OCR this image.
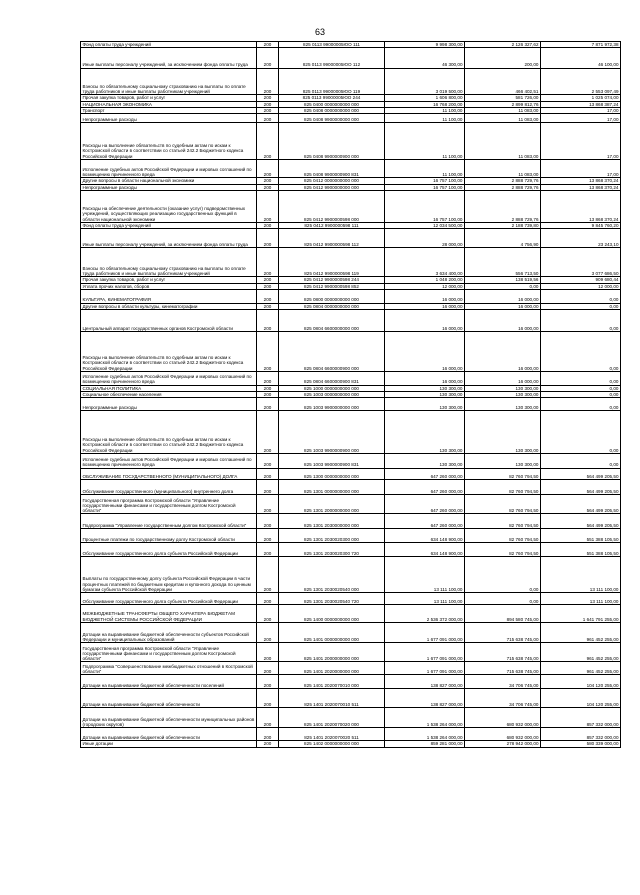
63
Фонд оплаты труда учреждений	200	825 0113 99000005ЮО 111	9 998 300,00	2 126 327,62	7 871 972,38
Иные выплаты персоналу учреждений, за исключением фонда оплаты труда	200	825 0113 99000005ЮО 112	46 300,00	200,00	46 100,00
Взносы по обязательному социальному страхованию на выплаты по оплате труда работников и иные выплаты работникам учреждений	200	825 0113 99000005ЮО 119	3 019 500,00	466 402,51	2 553 097,49
Прочая закупка товаров, работ и услуг	200	825 0113 99000005ЮО 244	1 606 800,00	581 726,00	1 025 074,00
НАЦИОНАЛЬНАЯ ЭКОНОМИКА	200	825 0400 0000000000 000	16 768 200,00	2 899 812,76	13 868 387,24
Транспорт	200	825 0408 0000000000 000	11 100,00	11 083,00	17,00
Непрограммные расходы	200	825 0408 9900000000 000	11 100,00	11 083,00	17,00
Расходы на выполнение обязательств по судебным актам по искам к Костромской области в соответствии со статьей 242.2 Бюджетного кодекса Российской Федерации	200	825 0408 9900000900 000	11 100,00	11 083,00	17,00
Исполнение судебных актов Российской Федерации и мировых соглашений по возмещению причиненного вреда	200	825 0408 9900000900 831	11 100,00	11 083,00	17,00
Другие вопросы в области национальной экономики	200	825 0412 0000000000 000	16 757 100,00	2 888 729,76	13 868 370,24
Непрограммные расходы	200	825 0412 9900000000 000	16 757 100,00	2 888 729,76	13 868 370,24
Расходы на обеспечение деятельности (оказание услуг) подведомственных учреждений, осуществляющих реализацию государственных функций в области национальной экономики	200	825 0412 9900000598 000	16 757 100,00	2 888 729,76	13 868 370,24
Фонд оплаты труда учреждений	200	825 0412 9900000598 111	12 034 500,00	2 188 739,80	9 845 760,20
Иные выплаты персоналу учреждений, за исключением фонда оплаты труда	200	825 0412 9900000598 112	28 000,00	4 756,90	23 243,10
Взносы по обязательному социальному страхованию на выплаты по оплате труда работников и иные выплаты работникам учреждений	200	825 0412 9900000598 119	3 634 400,00	556 713,50	3 077 686,50
Прочая закупка товаров, работ и услуг	200	825 0412 9900000598 244	1 048 200,00	138 519,56	909 680,44
Уплата прочих налогов, сборов	200	825 0412 9900000598 852	12 000,00	0,00	12 000,00
КУЛЬТУРА, КИНЕМАТОГРАФИЯ	200	825 0800 0000000000 000	16 000,00	16 000,00	0,00
Другие вопросы в области культуры, кинематографии	200	825 0804 0000000000 000	16 000,00	16 000,00	0,00
Центральный аппарат государственных органов Костромской области	200	825 0804 6600000000 000	16 000,00	16 000,00	0,00
Расходы на выполнение обязательств по судебным актам по искам к Костромской области в соответствии со статьей 242.2 Бюджетного кодекса Российской Федерации	200	825 0804 6600000900 000	16 000,00	16 000,00	0,00
Исполнение судебных актов Российской Федерации и мировых соглашений по возмещению причиненного вреда	200	825 0804 6600000900 831	16 000,00	16 000,00	0,00
СОЦИАЛЬНАЯ ПОЛИТИКА	200	825 1000 0000000000 000	130 300,00	130 300,00	0,00
Социальное обеспечение населения	200	825 1003 0000000000 000	130 300,00	130 300,00	0,00
Непрограммные расходы	200	825 1003 9900000000 000	130 300,00	130 300,00	0,00
Расходы на выполнение обязательств по судебным актам по искам к Костромской области в соответствии со статьей 242.2 Бюджетного кодекса Российской Федерации	200	825 1003 9900000900 000	130 300,00	130 300,00	0,00
Исполнение судебных актов Российской Федерации и мировых соглашений по возмещению причиненного вреда	200	825 1003 9900000900 831	130 300,00	130 300,00	0,00
ОБСЛУЖИВАНИЕ ГОСУДАРСТВЕННОГО (МУНИЦИПАЛЬНОГО) ДОЛГА	200	825 1300 0000000000 000	647 260 000,00	82 760 794,50	564 499 205,50
Обслуживание государственного (муниципального) внутреннего долга	200	825 1301 0000000000 000	647 260 000,00	82 760 794,50	564 499 205,50
Государственная программа Костромской области "Управление государственными финансами и государственным долгом Костромской области"	200	825 1301 2000000000 000	647 260 000,00	82 760 794,50	564 499 205,50
Подпрограмма "Управление государственным долгом Костромской области"	200	825 1301 2030000000 000	647 260 000,00	82 760 794,50	564 499 205,50
Процентные платежи по государственному долгу Костромской области	200	825 1301 2030020300 000	634 148 900,00	82 760 794,50	551 388 105,50
Обслуживание государственного долга субъекта Российской Федерации	200	825 1301 2030020300 720	634 148 900,00	82 760 794,50	551 388 105,50
Выплаты по государственному долгу субъекта Российской Федерации в части процентных платежей по бюджетным кредитам и купонного дохода по ценным бумагам субъекта Российской Федерации	200	825 1301 2030020540 000	13 111 100,00	0,00	13 111 100,00
Обслуживание государственного долга субъекта Российской Федерации	200	825 1301 2030020540 720	13 111 100,00	0,00	13 111 100,00
МЕЖБЮДЖЕТНЫЕ ТРАНСФЕРТЫ ОБЩЕГО ХАРАКТЕРА БЮДЖЕТАМ БЮДЖЕТНОЙ СИСТЕМЫ РОССИЙСКОЙ ФЕДЕРАЦИИ	200	825 1400 0000000000 000	2 536 372 000,00	894 580 745,00	1 641 791 255,00
Дотации на выравнивание бюджетной обеспеченности субъектов Российской Федерации и муниципальных образований	200	825 1401 0000000000 000	1 677 091 000,00	715 638 745,00	961 452 255,00
Государственная программа Костромской области "Управление государственными финансами и государственным долгом Костромской области"	200	825 1401 2000000000 000	1 677 091 000,00	715 638 745,00	961 452 255,00
Подпрограмма "Совершенствование межбюджетных отношений в Костромской области"	200	825 1401 2020000000 000	1 677 091 000,00	715 638 745,00	961 452 255,00
Дотации на выравнивание бюджетной обеспеченности поселений	200	825 1401 2020070010 000	138 827 000,00	34 706 745,00	104 120 255,00
Дотации на выравнивание бюджетной обеспеченности	200	825 1401 2020070010 511	138 827 000,00	34 706 745,00	104 120 255,00
Дотации на выравнивание бюджетной обеспеченности муниципальных районов (городских округов)	200	825 1401 2020070020 000	1 538 264 000,00	680 932 000,00	857 332 000,00
Дотации на выравнивание бюджетной обеспеченности	200	825 1401 2020070020 511	1 538 264 000,00	680 932 000,00	857 332 000,00
Иные дотации	200	825 1402 0000000000 000	859 281 000,00	278 942 000,00	580 339 000,00
